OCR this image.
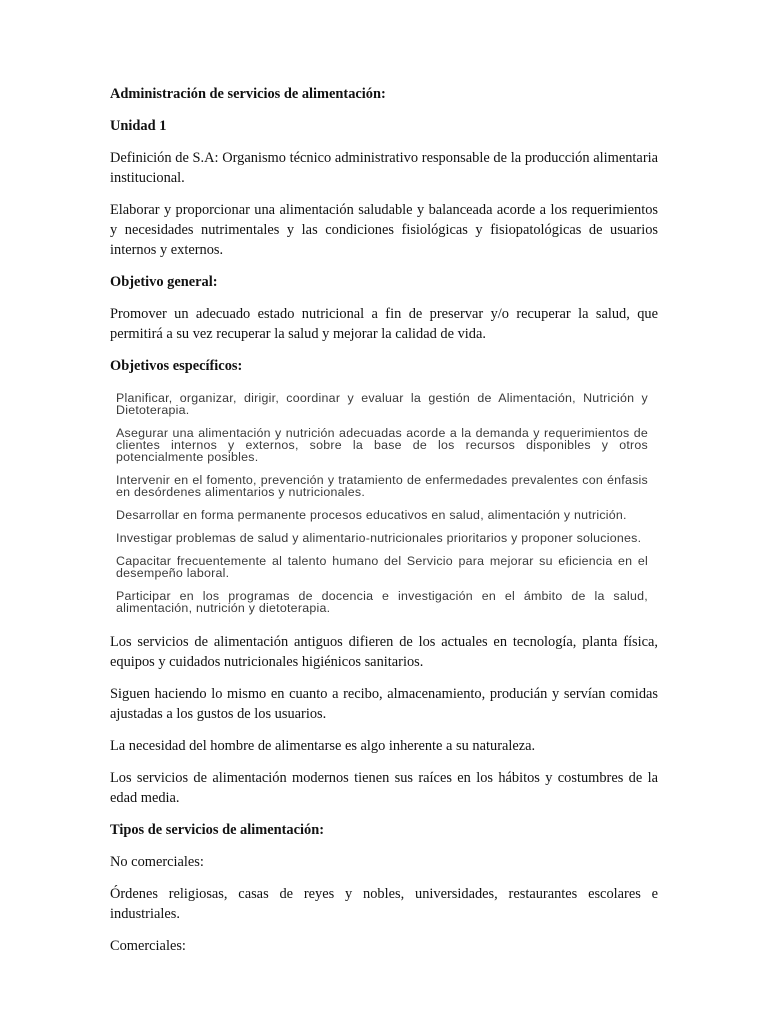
Administración de servicios de alimentación:

Unidad 1

Definición de S.A: Organismo técnico administrativo responsable de la producción alimentaria institucional.

Elaborar y proporcionar una alimentación saludable y balanceada acorde a los requerimientos y necesidades nutrimentales y las condiciones fisiológicas y fisiopatológicas de usuarios internos y externos.

Objetivo general:

Promover un adecuado estado nutricional a fin de preservar y/o recuperar la salud, que permitirá a su vez recuperar la salud y mejorar la calidad de vida.

Objetivos específicos:

Planificar, organizar, dirigir, coordinar y evaluar la gestión de Alimentación, Nutrición y Dietoterapia.
Asegurar una alimentación y nutrición adecuadas acorde a la demanda y requerimientos de clientes internos y externos, sobre la base de los recursos disponibles y otros potencialmente posibles.
Intervenir en el fomento, prevención y tratamiento de enfermedades prevalentes con énfasis en desórdenes alimentarios y nutricionales.
Desarrollar en forma permanente procesos educativos en salud, alimentación y nutrición.
Investigar problemas de salud y alimentario-nutricionales prioritarios y proponer soluciones.
Capacitar frecuentemente al talento humano del Servicio para mejorar su eficiencia en el desempeño laboral.
Participar en los programas de docencia e investigación en el ámbito de la salud, alimentación, nutrición y dietoterapia.

Los servicios de alimentación antiguos difieren de los actuales en tecnología, planta física, equipos y cuidados nutricionales higiénicos sanitarios.

Siguen haciendo lo mismo en cuanto a recibo, almacenamiento, producián y servían comidas ajustadas a los gustos de los usuarios.

La necesidad del hombre de alimentarse es algo inherente a su naturaleza.

Los servicios de alimentación modernos tienen sus raíces en los hábitos y costumbres de la edad media.

Tipos de servicios de alimentación:

No comerciales:

Órdenes religiosas, casas de reyes y nobles, universidades, restaurantes escolares e industriales.

Comerciales:
